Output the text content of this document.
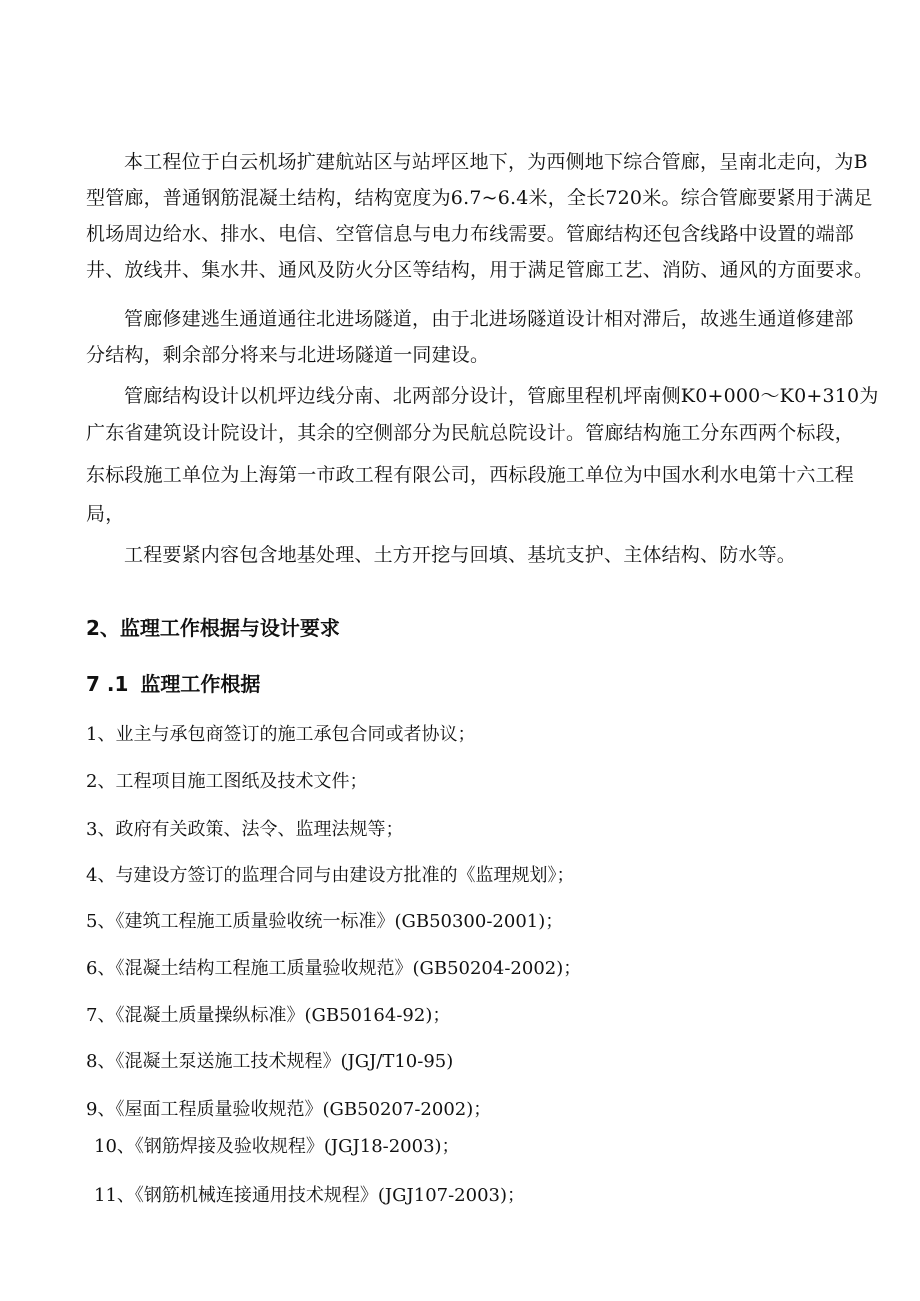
本工程位于白云机场扩建航站区与站坪区地下，为西侧地下综合管廊，呈南北走向，为B
型管廊，普通钢筋混凝土结构，结构宽度为6.7~6.4米，全长720米。综合管廊要紧用于满足
机场周边给水、排水、电信、空管信息与电力布线需要。管廊结构还包含线路中设置的端部
井、放线井、集水井、通风及防火分区等结构，用于满足管廊工艺、消防、通风的方面要求。
管廊修建逃生通道通往北进场隧道，由于北进场隧道设计相对滞后，故逃生通道修建部
分结构，剩余部分将来与北进场隧道一同建设。
管廊结构设计以机坪边线分南、北两部分设计，管廊里程机坪南侧K0+000～K0+310为
广东省建筑设计院设计，其余的空侧部分为民航总院设计。管廊结构施工分东西两个标段，
东标段施工单位为上海第一市政工程有限公司，西标段施工单位为中国水利水电第十六工程
局，
工程要紧内容包含地基处理、土方开挖与回填、基坑支护、主体结构、防水等。
2、监理工作根据与设计要求
7 .1 监理工作根据
1、业主与承包商签订的施工承包合同或者协议；
2、工程项目施工图纸及技术文件；
3、政府有关政策、法令、监理法规等；
4、与建设方签订的监理合同与由建设方批准的《监理规划》；
5、《建筑工程施工质量验收统一标准》(GB50300-2001)；
6、《混凝土结构工程施工质量验收规范》(GB50204-2002)；
7、《混凝土质量操纵标准》(GB50164-92)；
8、《混凝土泵送施工技术规程》(JGJ/T10-95)
9、《屋面工程质量验收规范》(GB50207-2002)；
10、《钢筋焊接及验收规程》(JGJ18-2003)；
11、《钢筋机械连接通用技术规程》(JGJ107-2003)；
